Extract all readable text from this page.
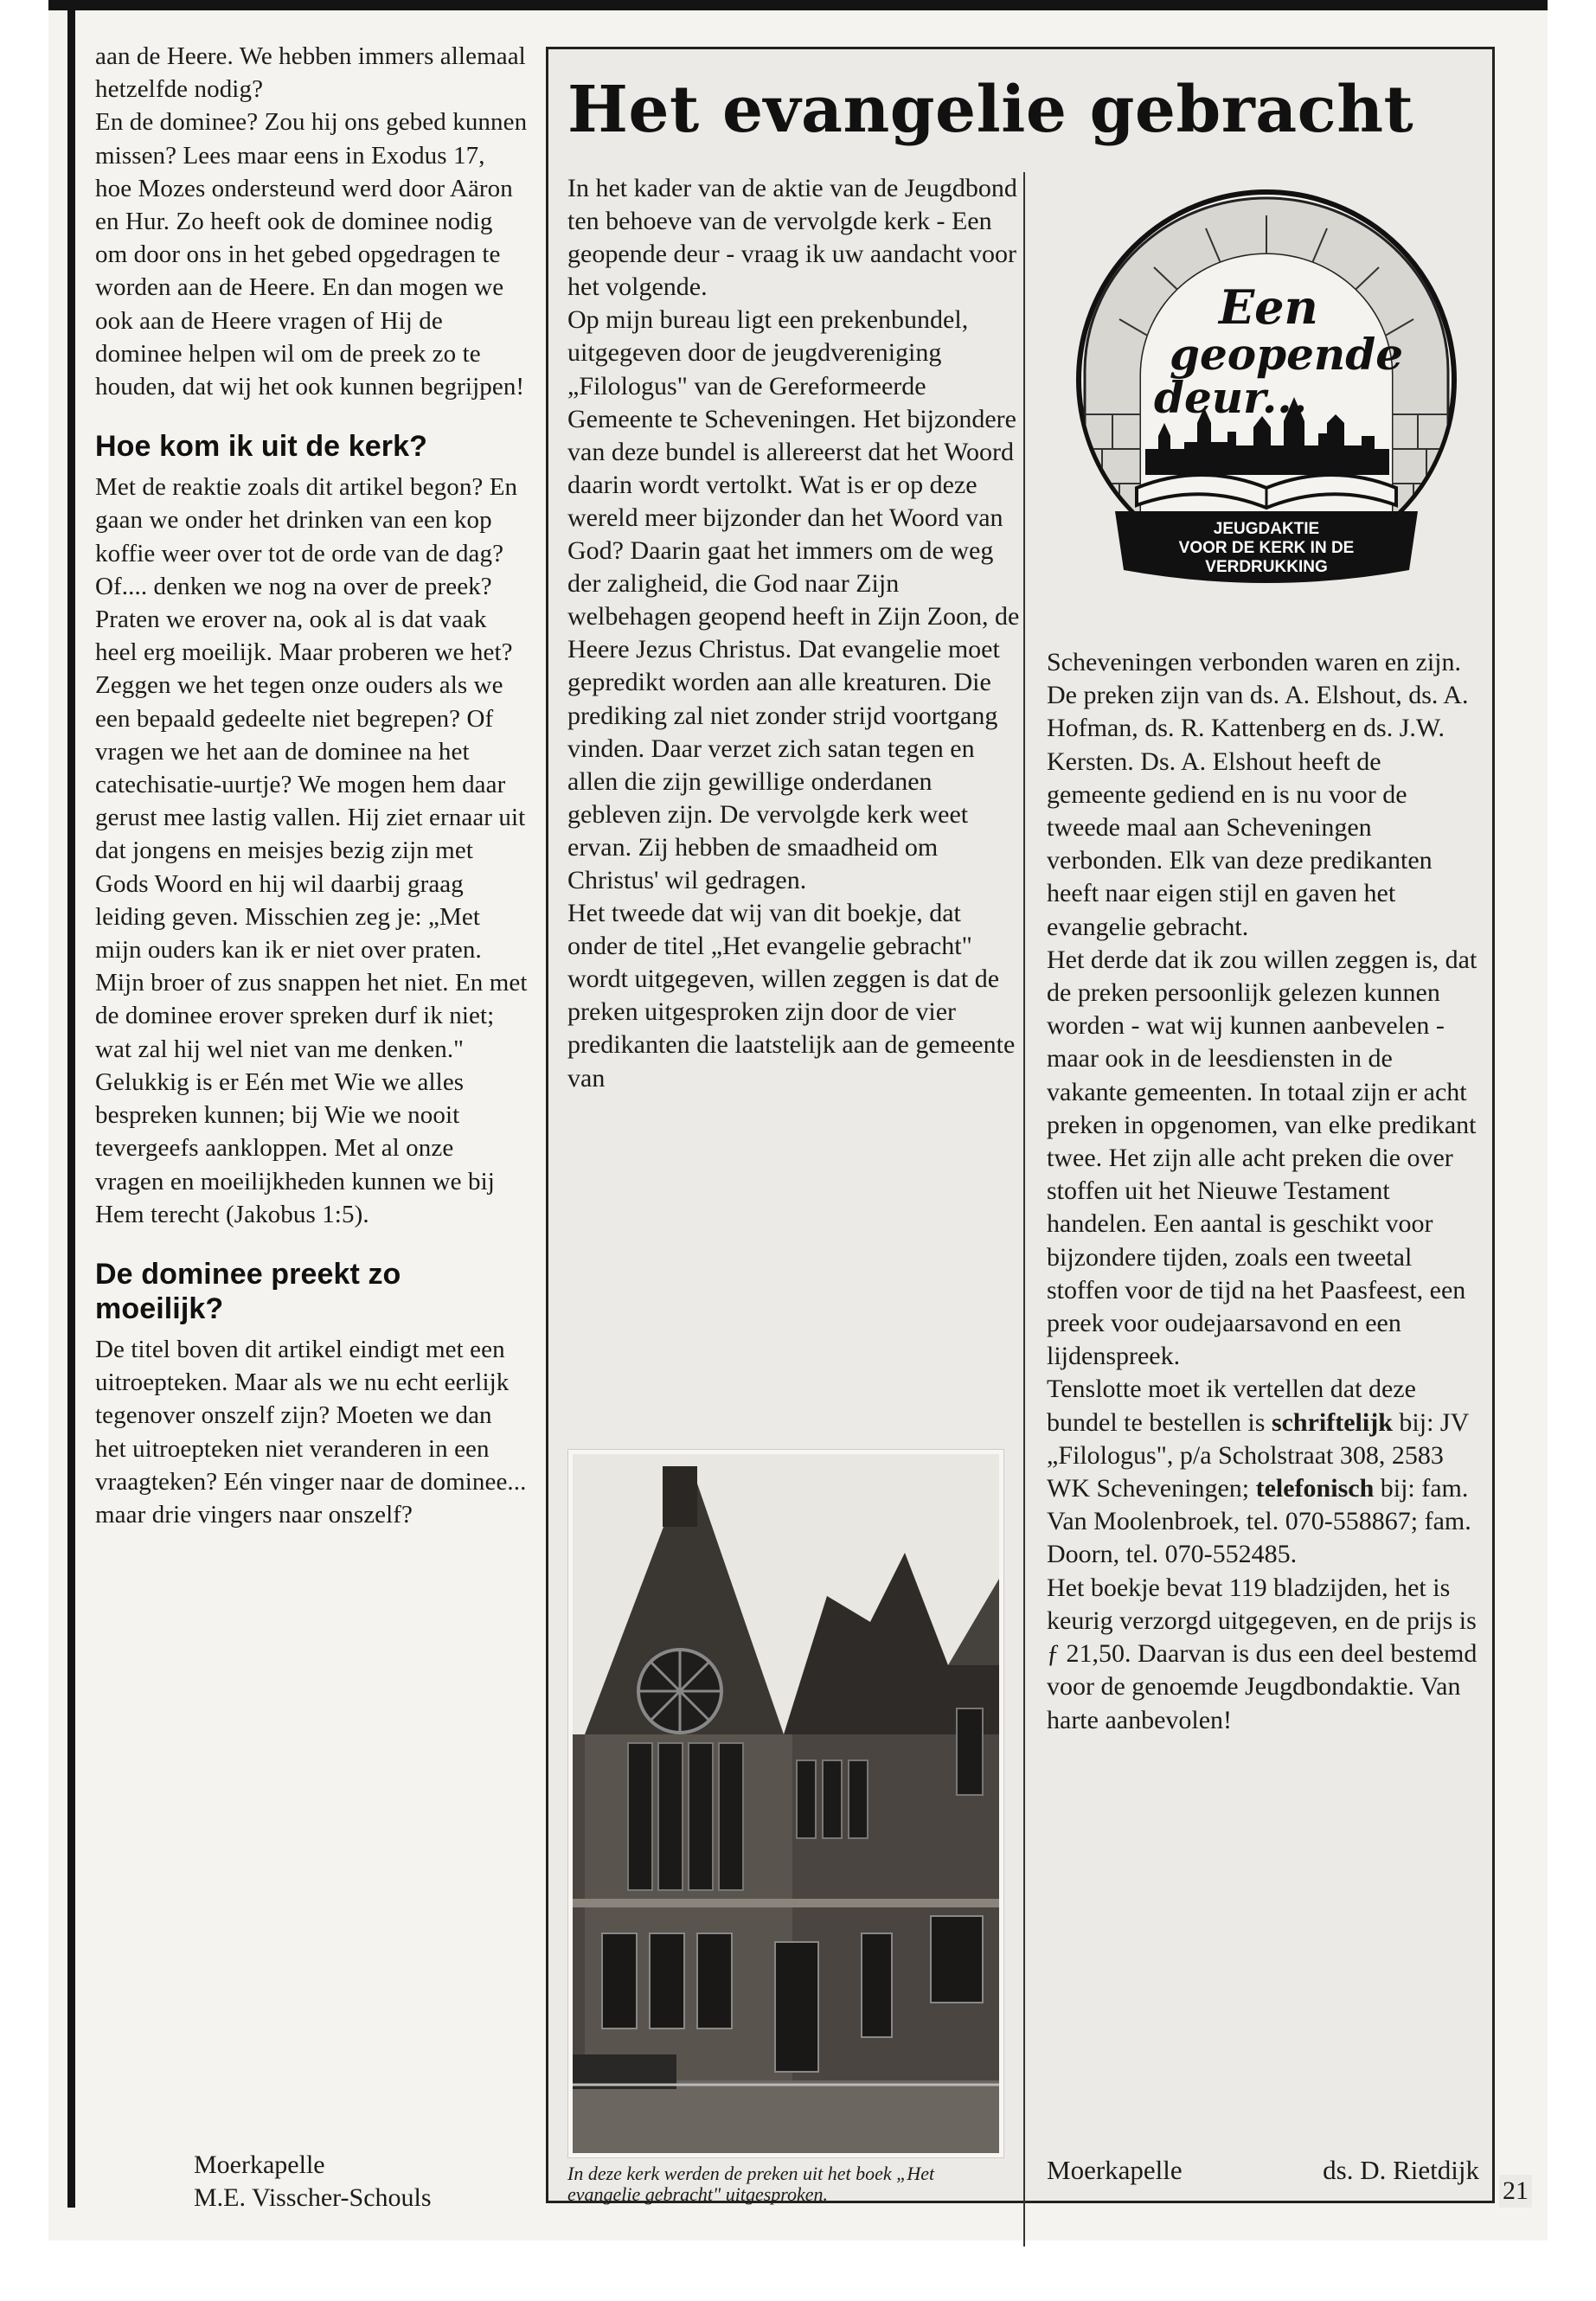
aan de Heere. We hebben immers allemaal hetzelfde nodig?

En de dominee? Zou hij ons gebed kunnen missen? Lees maar eens in Exodus 17, hoe Mozes ondersteund werd door Aäron en Hur. Zo heeft ook de dominee nodig om door ons in het gebed opgedragen te worden aan de Heere. En dan mogen we ook aan de Heere vragen of Hij de dominee helpen wil om de preek zo te houden, dat wij het ook kunnen begrijpen!

Hoe kom ik uit de kerk?

Met de reaktie zoals dit artikel begon? En gaan we onder het drinken van een kop koffie weer over tot de orde van de dag?

Of.... denken we nog na over de preek? Praten we erover na, ook al is dat vaak heel erg moeilijk. Maar proberen we het? Zeggen we het tegen onze ouders als we een bepaald gedeelte niet begrepen? Of vragen we het aan de dominee na het catechisatie-uurtje? We mogen hem daar gerust mee lastig vallen. Hij ziet ernaar uit dat jongens en meisjes bezig zijn met Gods Woord en hij wil daarbij graag leiding geven. Misschien zeg je: „Met mijn ouders kan ik er niet over praten. Mijn broer of zus snappen het niet. En met de dominee erover spreken durf ik niet; wat zal hij wel niet van me denken." Gelukkig is er Eén met Wie we alles bespreken kunnen; bij Wie we nooit tevergeefs aankloppen. Met al onze vragen en moeilijkheden kunnen we bij Hem terecht (Jakobus 1:5).

De dominee preekt zo moeilijk?

De titel boven dit artikel eindigt met een uitroepteken. Maar als we nu echt eerlijk tegenover onszelf zijn? Moeten we dan het uitroepteken niet veranderen in een vraagteken? Eén vinger naar de dominee... maar drie vingers naar onszelf?

Moerkapelle
M.E. Visscher-Schouls
Het evangelie gebracht

In het kader van de aktie van de Jeugdbond ten behoeve van de vervolgde kerk - Een geopende deur - vraag ik uw aandacht voor het volgende.

Op mijn bureau ligt een prekenbundel, uitgegeven door de jeugdvereniging „Filologus" van de Gereformeerde Gemeente te Scheveningen. Het bijzondere van deze bundel is allereerst dat het Woord daarin wordt vertolkt. Wat is er op deze wereld meer bijzonder dan het Woord van God? Daarin gaat het immers om de weg der zaligheid, die God naar Zijn welbehagen geopend heeft in Zijn Zoon, de Heere Jezus Christus. Dat evangelie moet gepredikt worden aan alle kreaturen. Die prediking zal niet zonder strijd voortgang vinden. Daar verzet zich satan tegen en allen die zijn gewillige onderdanen gebleven zijn. De vervolgde kerk weet ervan. Zij hebben de smaadheid om Christus' wil gedragen.

Het tweede dat wij van dit boekje, dat onder de titel „Het evangelie gebracht" wordt uitgegeven, willen zeggen is dat de preken uitgesproken zijn door de vier predikanten die laatstelijk aan de gemeente van

Een
geopende
deur...
JEUGDAKTIE
VOOR DE KERK IN DE
VERDRUKKING

Scheveningen verbonden waren en zijn. De preken zijn van ds. A. Elshout, ds. A. Hofman, ds. R. Kattenberg en ds. J.W. Kersten. Ds. A. Elshout heeft de gemeente gediend en is nu voor de tweede maal aan Scheveningen verbonden. Elk van deze predikanten heeft naar eigen stijl en gaven het evangelie gebracht.

Het derde dat ik zou willen zeggen is, dat de preken persoonlijk gelezen kunnen worden - wat wij kunnen aanbevelen - maar ook in de leesdiensten in de vakante gemeenten. In totaal zijn er acht preken in opgenomen, van elke predikant twee. Het zijn alle acht preken die over stoffen uit het Nieuwe Testament handelen. Een aantal is geschikt voor bijzondere tijden, zoals een tweetal stoffen voor de tijd na het Paasfeest, een preek voor oudejaarsavond en een lijdenspreek.

Tenslotte moet ik vertellen dat deze bundel te bestellen is schriftelijk bij: JV „Filologus", p/a Scholstraat 308, 2583 WK Scheveningen; telefonisch bij: fam. Van Moolenbroek, tel. 070-558867; fam. Doorn, tel. 070-552485.

Het boekje bevat 119 bladzijden, het is keurig verzorgd uitgegeven, en de prijs is ƒ 21,50. Daarvan is dus een deel bestemd voor de genoemde Jeugdbondaktie. Van harte aanbevolen!

In deze kerk werden de preken uit het boek „Het evangelie gebracht" uitgesproken.
Moerkapelle	ds. D. Rietdijk
21
